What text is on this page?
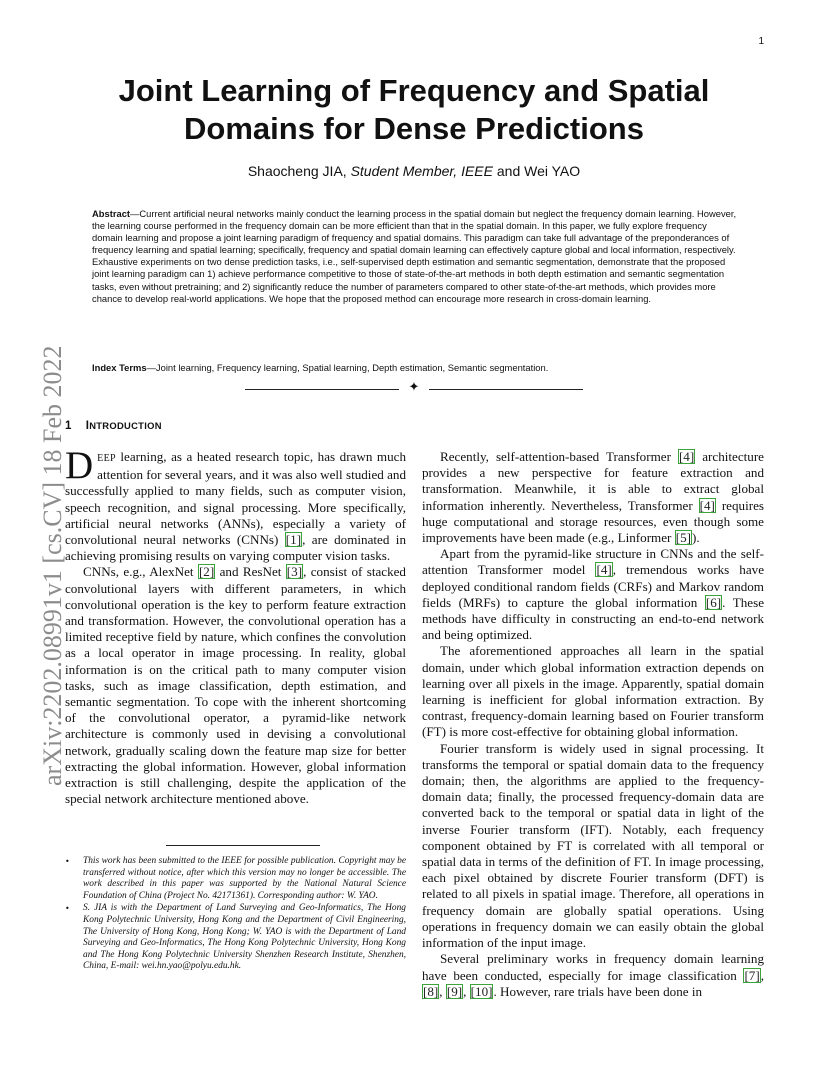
1
arXiv:2202.08991v1 [cs.CV] 18 Feb 2022
Joint Learning of Frequency and Spatial
Domains for Dense Predictions
Shaocheng JIA, Student Member, IEEE and Wei YAO
Abstract—Current artificial neural networks mainly conduct the learning process in the spatial domain but neglect the frequency domain learning. However, the learning course performed in the frequency domain can be more efficient than that in the spatial domain. In this paper, we fully explore frequency domain learning and propose a joint learning paradigm of frequency and spatial domains. This paradigm can take full advantage of the preponderances of frequency learning and spatial learning; specifically, frequency and spatial domain learning can effectively capture global and local information, respectively. Exhaustive experiments on two dense prediction tasks, i.e., self-supervised depth estimation and semantic segmentation, demonstrate that the proposed joint learning paradigm can 1) achieve performance competitive to those of state-of-the-art methods in both depth estimation and semantic segmentation tasks, even without pretraining; and 2) significantly reduce the number of parameters compared to other state-of-the-art methods, which provides more chance to develop real-world applications. We hope that the proposed method can encourage more research in cross-domain learning.
Index Terms—Joint learning, Frequency learning, Spatial learning, Depth estimation, Semantic segmentation.
✦
1 INTRODUCTION

DEEP learning, as a heated research topic, has drawn much attention for several years, and it was also well studied and successfully applied to many fields, such as computer vision, speech recognition, and signal processing. More specifically, artificial neural networks (ANNs), especially a variety of convolutional neural networks (CNNs) [1], are dominated in achieving promising results on varying computer vision tasks.

CNNs, e.g., AlexNet [2] and ResNet [3], consist of stacked convolutional layers with different parameters, in which convolutional operation is the key to perform feature extraction and transformation. However, the convolutional operation has a limited receptive field by nature, which confines the convolution as a local operator in image processing. In reality, global information is on the critical path to many computer vision tasks, such as image classification, depth estimation, and semantic segmentation. To cope with the inherent shortcoming of the convolutional operator, a pyramid-like network architecture is commonly used in devising a convolutional network, gradually scaling down the feature map size for better extracting the global information. However, global information extraction is still challenging, despite the application of the special network architecture mentioned above.

Recently, self-attention-based Transformer [4] architecture provides a new perspective for feature extraction and transformation. Meanwhile, it is able to extract global information inherently. Nevertheless, Transformer [4] requires huge computational and storage resources, even though some improvements have been made (e.g., Linformer [5]).

Apart from the pyramid-like structure in CNNs and the self-attention Transformer model [4], tremendous works have deployed conditional random fields (CRFs) and Markov random fields (MRFs) to capture the global information [6]. These methods have difficulty in constructing an end-to-end network and being optimized.

The aforementioned approaches all learn in the spatial domain, under which global information extraction depends on learning over all pixels in the image. Apparently, spatial domain learning is inefficient for global information extraction. By contrast, frequency-domain learning based on Fourier transform (FT) is more cost-effective for obtaining global information.

Fourier transform is widely used in signal processing. It transforms the temporal or spatial domain data to the frequency domain; then, the algorithms are applied to the frequency-domain data; finally, the processed frequency-domain data are converted back to the temporal or spatial data in light of the inverse Fourier transform (IFT). Notably, each frequency component obtained by FT is correlated with all temporal or spatial data in terms of the definition of FT. In image processing, each pixel obtained by discrete Fourier transform (DFT) is related to all pixels in spatial image. Therefore, all operations in frequency domain are globally spatial operations. Using operations in frequency domain we can easily obtain the global information of the input image.

Several preliminary works in frequency domain learning have been conducted, especially for image classification [7], [8], [9], [10]. However, rare trials have been done in

• This work has been submitted to the IEEE for possible publication. Copyright may be transferred without notice, after which this version may no longer be accessible. The work described in this paper was supported by the National Natural Science Foundation of China (Project No. 42171361). Corresponding author: W. YAO.
• S. JIA is with the Department of Land Surveying and Geo-Informatics, The Hong Kong Polytechnic University, Hong Kong and the Department of Civil Engineering, The University of Hong Kong, Hong Kong; W. YAO is with the Department of Land Surveying and Geo-Informatics, The Hong Kong Polytechnic University, Hong Kong and The Hong Kong Polytechnic University Shenzhen Research Institute, Shenzhen, China, E-mail: wei.hn.yao@polyu.edu.hk.
